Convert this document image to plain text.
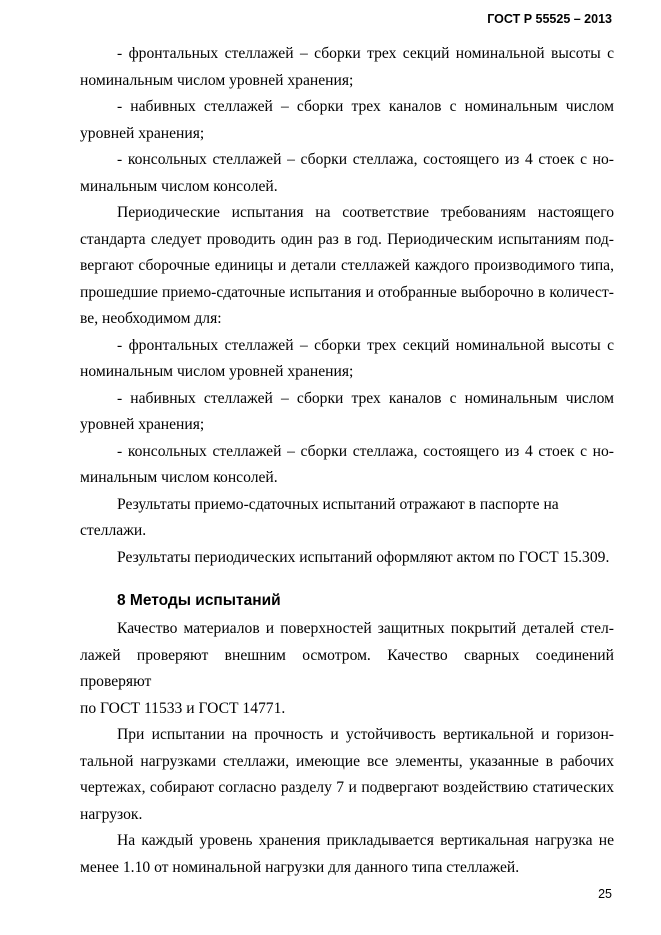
ГОСТ Р 55525 – 2013
- фронтальных стеллажей – сборки трех секций номинальной высоты с
номинальным числом уровней хранения;
- набивных стеллажей – сборки трех каналов с номинальным числом
уровней хранения;
- консольных стеллажей – сборки стеллажа, состоящего из 4 стоек с но-
минальным числом консолей.
Периодические испытания на соответствие требованиям настоящего
стандарта следует проводить один раз в год. Периодическим испытаниям под-
вергают сборочные единицы и детали стеллажей каждого производимого типа,
прошедшие приемо-сдаточные испытания и отобранные выборочно в количест-
ве, необходимом для:
- фронтальных стеллажей – сборки трех секций номинальной высоты с
номинальным числом уровней хранения;
- набивных стеллажей – сборки трех каналов с номинальным числом
уровней хранения;
- консольных стеллажей – сборки стеллажа, состоящего из 4 стоек с но-
минальным числом консолей.
Результаты приемо-сдаточных испытаний отражают в паспорте на
стеллажи.
Результаты периодических испытаний оформляют актом по ГОСТ 15.309.
8 Методы испытаний
Качество материалов и поверхностей защитных покрытий деталей стел-
лажей проверяют внешним осмотром. Качество сварных соединений проверяют
по ГОСТ 11533 и ГОСТ 14771.
При испытании на прочность и устойчивость вертикальной и горизон-
тальной нагрузками стеллажи, имеющие все элементы, указанные в рабочих
чертежах, собирают согласно разделу 7 и подвергают воздействию статических
нагрузок.
На каждый уровень хранения прикладывается вертикальная нагрузка не
менее 1.10 от номинальной нагрузки для данного типа стеллажей.
25
